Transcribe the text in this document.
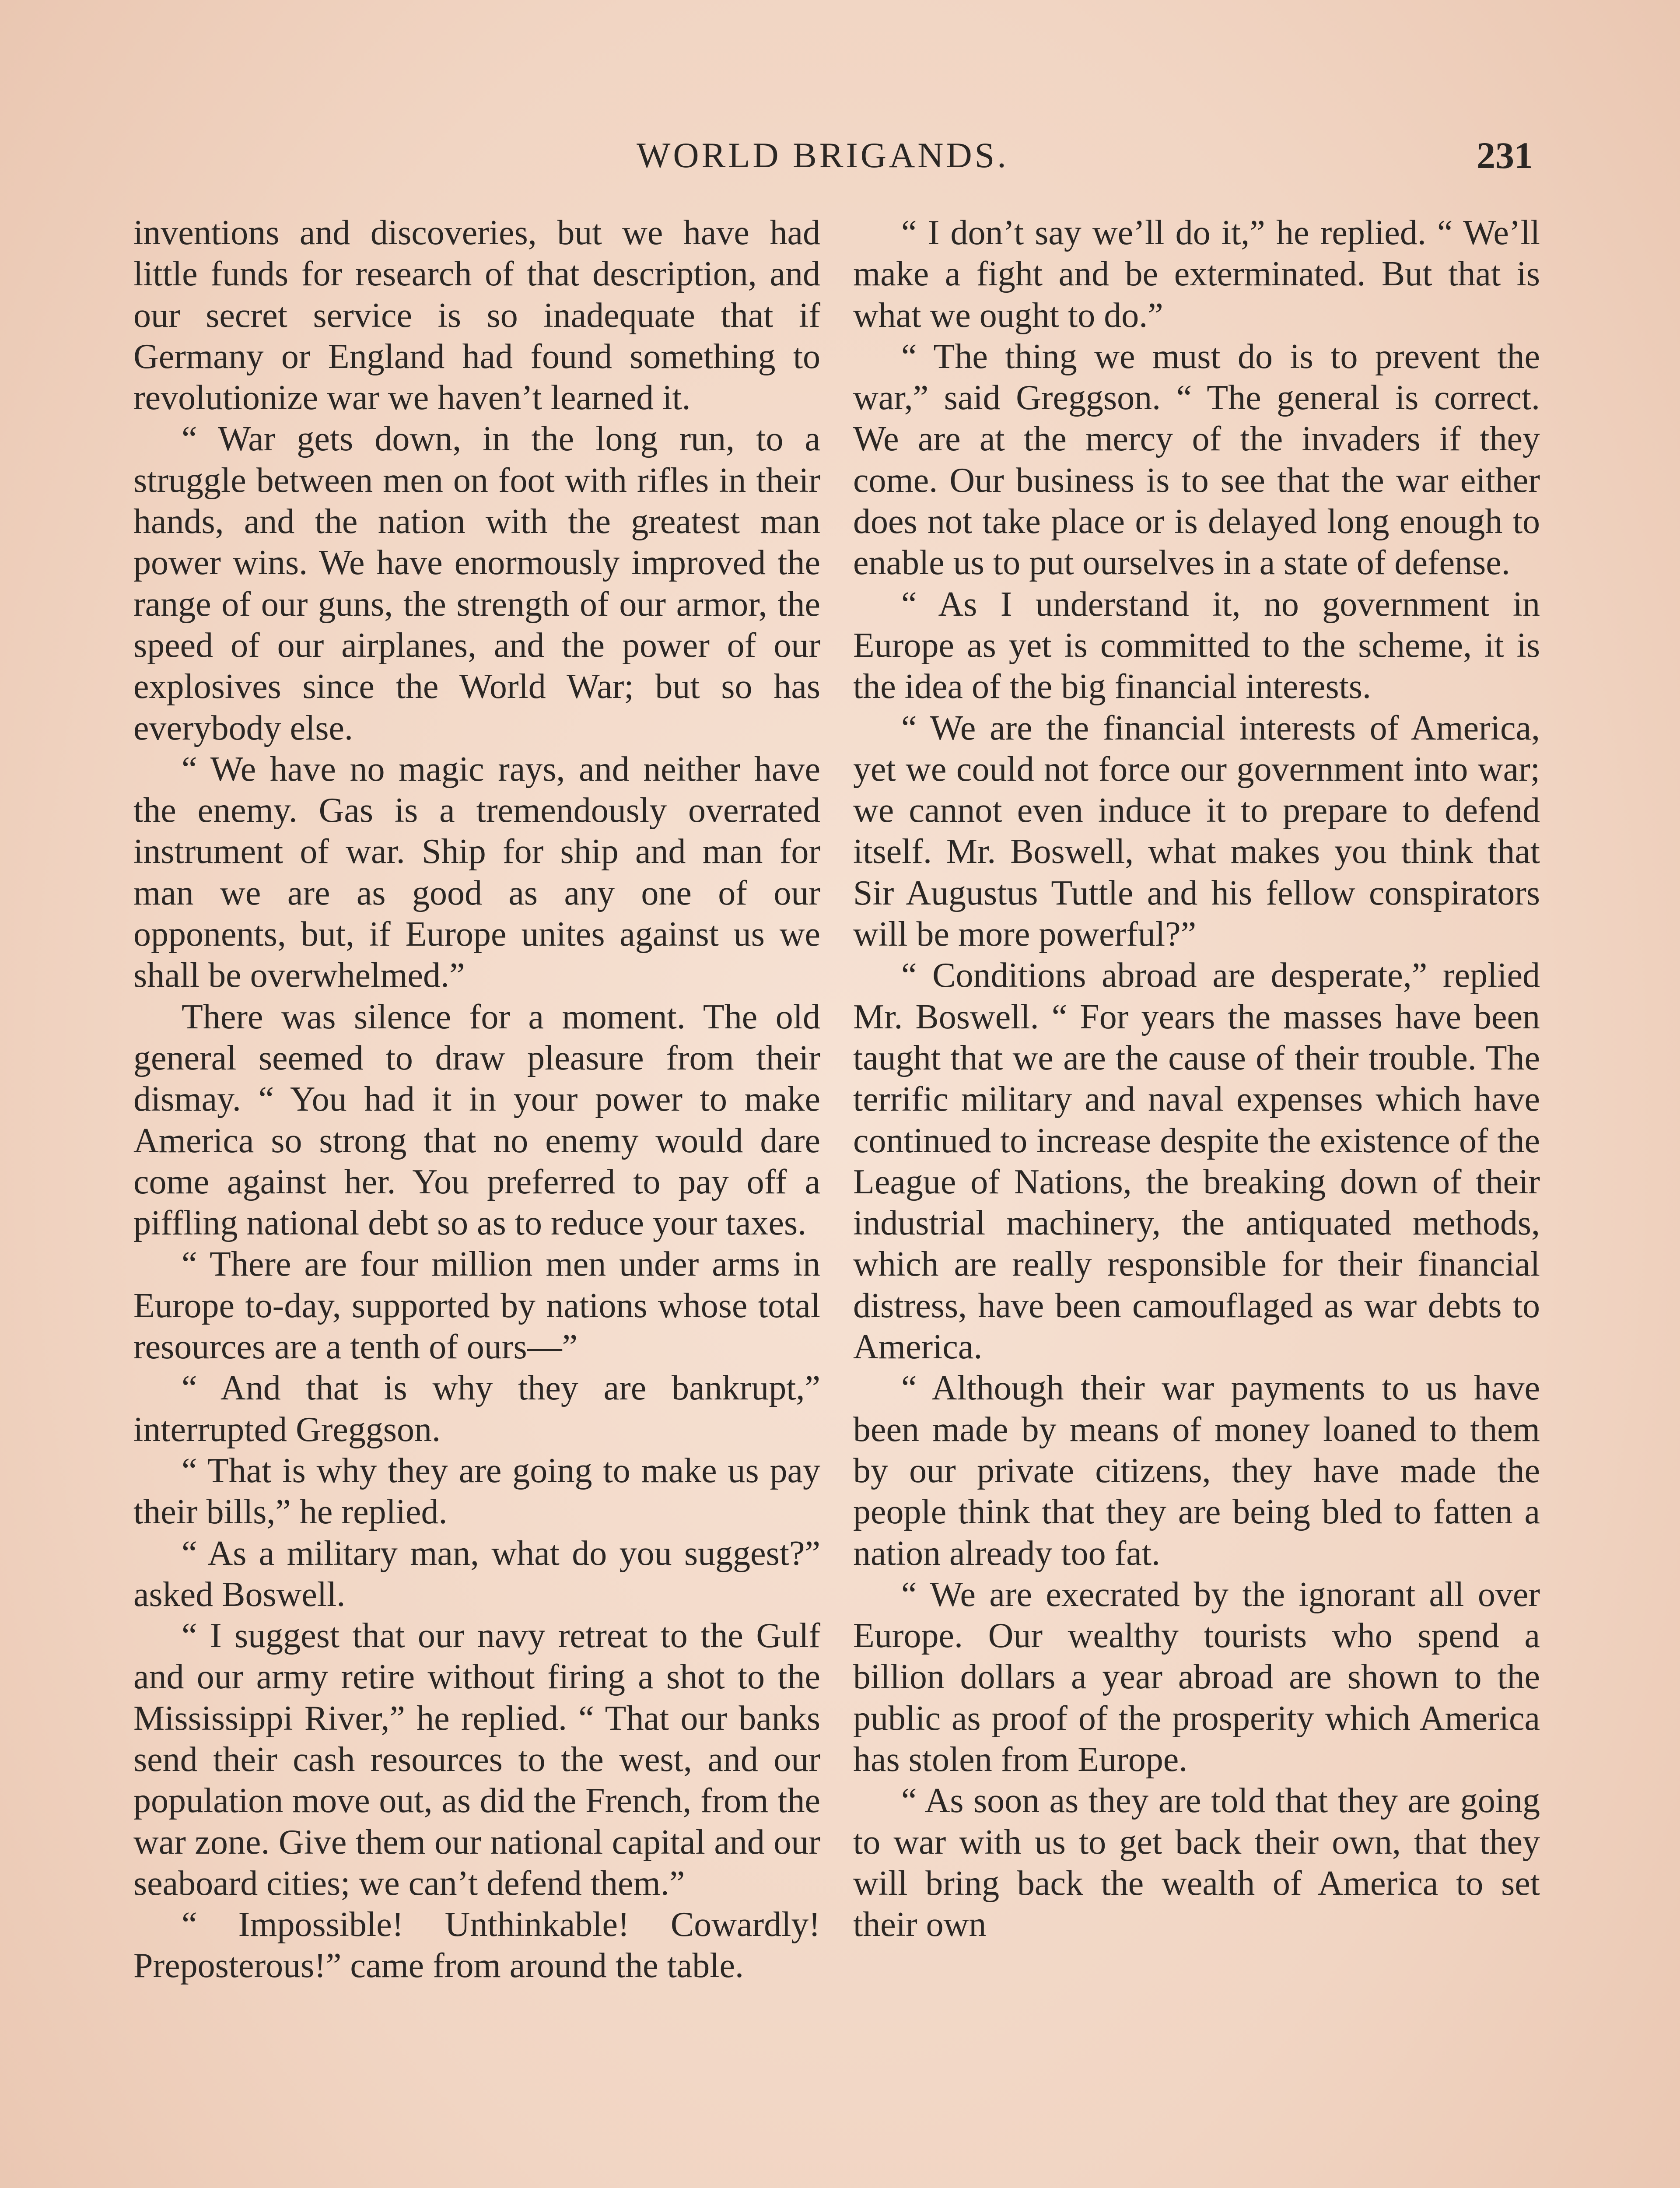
WORLD BRIGANDS.	231

inventions and discoveries, but we have had little funds for research of that description, and our secret service is so inadequate that if Germany or England had found something to revolutionize war we haven’t learned it.

“ War gets down, in the long run, to a struggle between men on foot with rifles in their hands, and the nation with the greatest man power wins. We have enormously improved the range of our guns, the strength of our armor, the speed of our airplanes, and the power of our explosives since the World War; but so has everybody else.

“ We have no magic rays, and neither have the enemy. Gas is a tremendously overrated instrument of war. Ship for ship and man for man we are as good as any one of our opponents, but, if Europe unites against us we shall be overwhelmed.”

There was silence for a moment. The old general seemed to draw pleasure from their dismay. “ You had it in your power to make America so strong that no enemy would dare come against her. You preferred to pay off a piffling national debt so as to reduce your taxes.

“ There are four million men under arms in Europe to-day, supported by nations whose total resources are a tenth of ours—”

“ And that is why they are bankrupt,” interrupted Greggson.

“ That is why they are going to make us pay their bills,” he replied.

“ As a military man, what do you suggest?” asked Boswell.

“ I suggest that our navy retreat to the Gulf and our army retire without firing a shot to the Mississippi River,” he replied. “ That our banks send their cash resources to the west, and our population move out, as did the French, from the war zone. Give them our national capital and our seaboard cities; we can’t defend them.”

“ Impossible! Unthinkable! Cowardly! Preposterous!” came from around the table.

“ I don’t say we’ll do it,” he replied. “ We’ll make a fight and be exterminated. But that is what we ought to do.”

“ The thing we must do is to prevent the war,” said Greggson. “ The general is correct. We are at the mercy of the invaders if they come. Our business is to see that the war either does not take place or is delayed long enough to enable us to put ourselves in a state of defense.

“ As I understand it, no government in Europe as yet is committed to the scheme, it is the idea of the big financial interests.

“ We are the financial interests of America, yet we could not force our government into war; we cannot even induce it to prepare to defend itself. Mr. Boswell, what makes you think that Sir Augustus Tuttle and his fellow conspirators will be more powerful?”

“ Conditions abroad are desperate,” replied Mr. Boswell. “ For years the masses have been taught that we are the cause of their trouble. The terrific military and naval expenses which have continued to increase despite the existence of the League of Nations, the breaking down of their industrial machinery, the antiquated methods, which are really responsible for their financial distress, have been camouflaged as war debts to America.

“ Although their war payments to us have been made by means of money loaned to them by our private citizens, they have made the people think that they are being bled to fatten a nation already too fat.

“ We are execrated by the ignorant all over Europe. Our wealthy tourists who spend a billion dollars a year abroad are shown to the public as proof of the prosperity which America has stolen from Europe.

“ As soon as they are told that they are going to war with us to get back their own, that they will bring back the wealth of America to set their own
